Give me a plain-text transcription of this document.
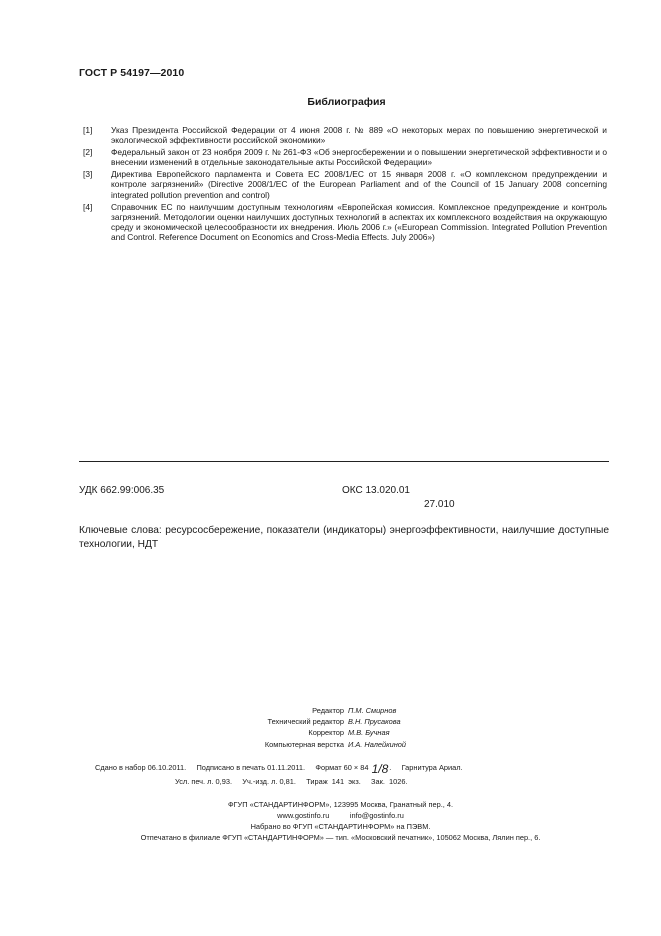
ГОСТ Р 54197—2010
Библиография
[1]	Указ Президента Российской Федерации от 4 июня 2008 г. № 889 «О некоторых мерах по повышению энергетической и экологической эффективности российской экономики»
[2]	Федеральный закон от 23 ноября 2009 г. № 261-ФЗ «Об энергосбережении и о повышении энергетической эффективности и о внесении изменений в отдельные законодательные акты Российской Федерации»
[3]	Директива Европейского парламента и Совета ЕС 2008/1/ЕС от 15 января 2008 г. «О комплексном предупреждении и контроле загрязнений» (Directive 2008/1/EC of the European Parliament and of the Council of 15 January 2008 concerning integrated pollution prevention and control)
[4]	Справочник ЕС по наилучшим доступным технологиям «Европейская комиссия. Комплексное предупреждение и контроль загрязнений. Методологии оценки наилучших доступных технологий в аспектах их комплексного воздействия на окружающую среду и экономической целесообразности их внедрения. Июль 2006 г.» («European Commission. Integrated Pollution Prevention and Control. Reference Document on Economics and Cross-Media Effects. July 2006»)
УДК 662.99:006.35	ОКС 13.020.01
27.010
Ключевые слова: ресурсосбережение, показатели (индикаторы) энергоэффективности, наилучшие доступные технологии, НДТ
Редактор П.М. Смирнов
Технический редактор В.Н. Прусакова
Корректор М.В. Бучная
Компьютерная верстка И.А. Налейкиной
Сдано в набор 06.10.2011.     Подписано в печать 01.11.2011.     Формат 60 × 84 1/8.     Гарнитура Ариал.
Усл. печ. л. 0,93.     Уч.-изд. л. 0,81.     Тираж  141  экз.     Зак.  1026.
ФГУП «СТАНДАРТИНФОРМ», 123995 Москва, Гранатный пер., 4.
www.gostinfo.ru          info@gostinfo.ru
Набрано во ФГУП «СТАНДАРТИНФОРМ» на ПЭВМ.
Отпечатано в филиале ФГУП «СТАНДАРТИНФОРМ» — тип. «Московский печатник», 105062 Москва, Лялин пер., 6.
